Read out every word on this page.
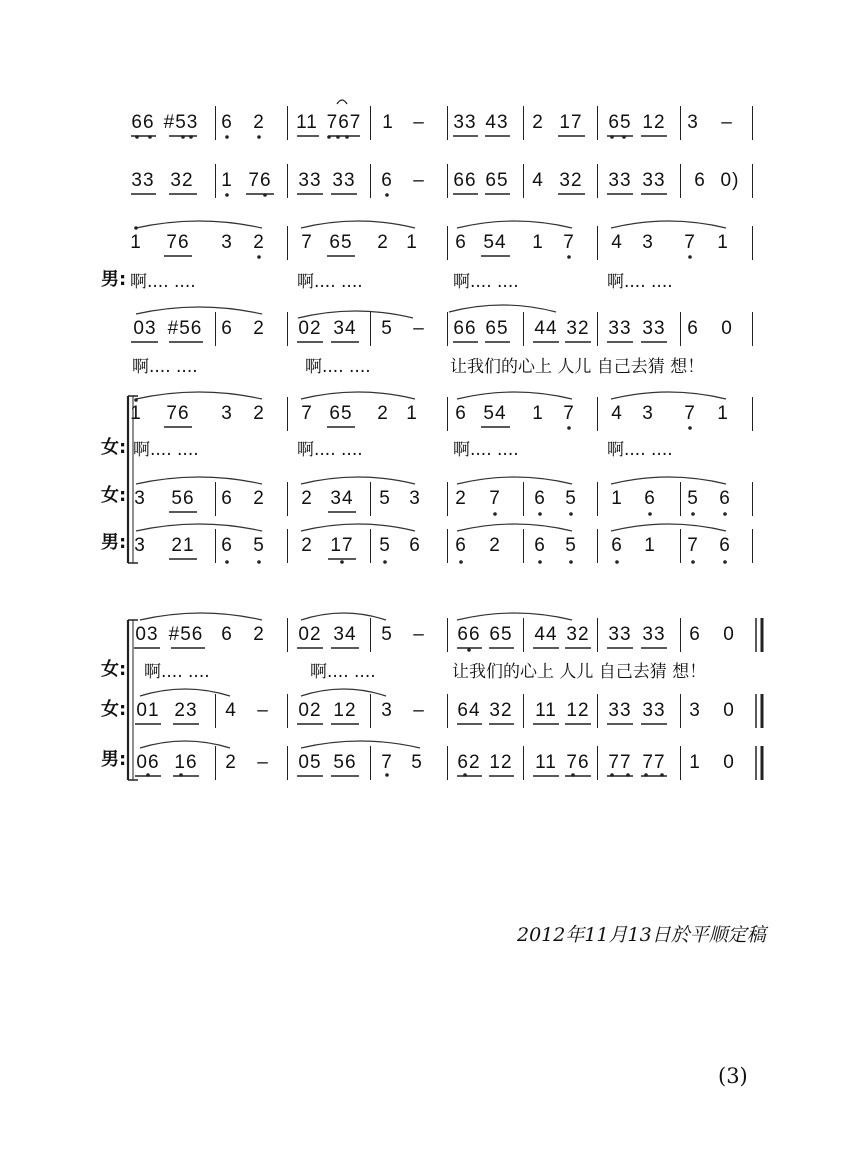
66 #53 6 2 11 767 1 – 33 43 2 17 65 12 3 –
33 32 1 76 33 33 6 – 66 65 4 32 33 33 6 0)
1 76 3 2 7 65 2 1 6 54 1 7 4 3 7 1
03 #56 6 2 02 34 5 – 66 65 44 32 33 33 6 0
1 76 3 2 7 65 2 1 6 54 1 7 4 3 7 1
3 56 6 2 2 34 5 3 2 7 6 5 1 6 5 6
3 21 6 5 2 17 5 6 6 2 6 5 6 1 7 6
03 #56 6 2 02 34 5 – 66 65 44 32 33 33 6 0
01 23 4 – 02 12 3 – 64 32 11 12 33 33 3 0
06 16 2 – 05 56 7 5 62 12 11 76 77 77 1 0
男: 啊.... ....	啊.... ....	啊.... ....	啊.... ....
啊.... ....	啊.... ....	让我们的心上 人儿 自己去猜 想！
女: 啊.... ....	啊.... ....	啊.... ....	啊.... ....
女:
男:
女: 啊.... ....	啊.... ....	让我们的心上 人儿 自己去猜 想！
女:
男:
2012年11月13日於平顺定稿
(3)
